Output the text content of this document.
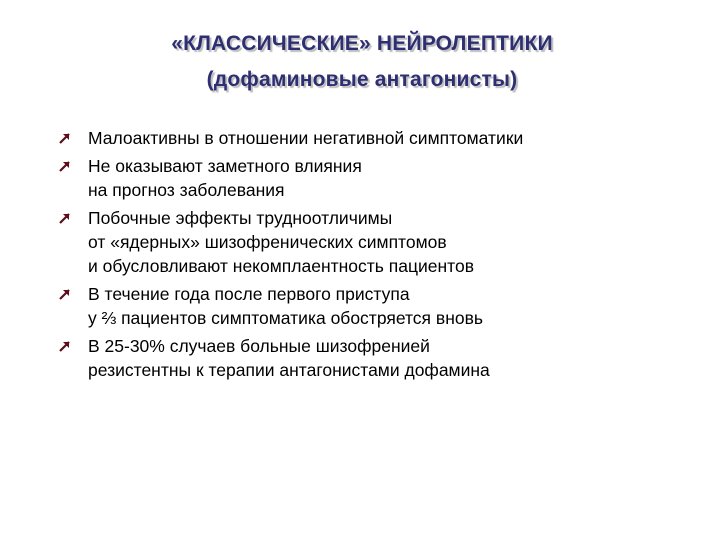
«КЛАССИЧЕСКИЕ» НЕЙРОЛЕПТИКИ
(дофаминовые антагонисты)
Малоактивны в отношении негативной симптоматики
Не оказывают заметного влияния
на прогноз заболевания
Побочные эффекты трудноотличимы
от «ядерных» шизофренических симптомов
и обусловливают некомплаентность пациентов
В течение года после первого приступа
у ⅔ пациентов симптоматика обостряется вновь
В 25-30% случаев больные шизофренией
резистентны к терапии антагонистами дофамина
